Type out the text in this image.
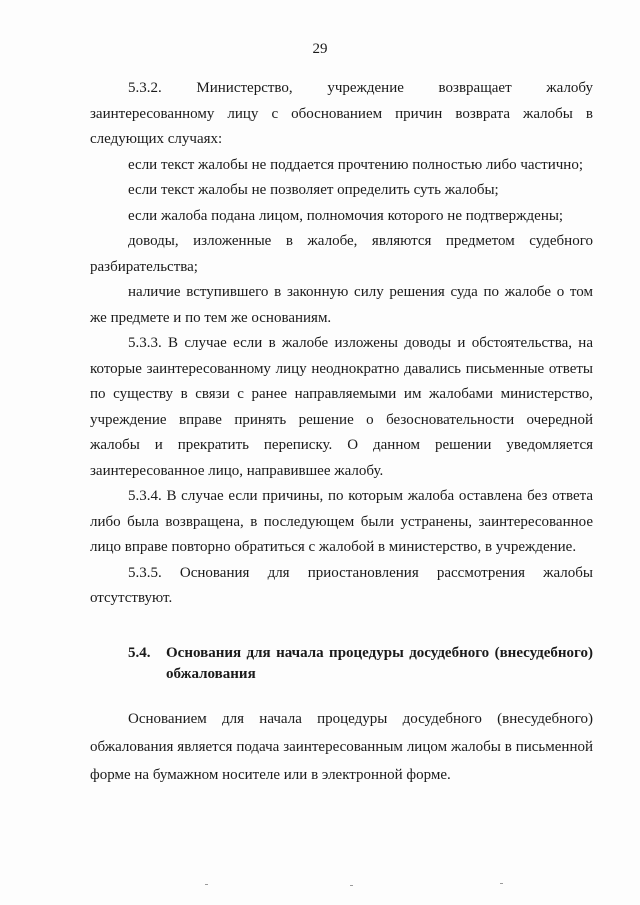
29

5.3.2. Министерство, учреждение возвращает жалобу заинтересованному лицу с обоснованием причин возврата жалобы в следующих случаях:

если текст жалобы не поддается прочтению полностью либо частично;

если текст жалобы не позволяет определить суть жалобы;

если жалоба подана лицом, полномочия которого не подтверждены;

доводы, изложенные в жалобе, являются предметом судебного разбирательства;

наличие вступившего в законную силу решения суда по жалобе о том же предмете и по тем же основаниям.

5.3.3. В случае если в жалобе изложены доводы и обстоятельства, на которые заинтересованному лицу неоднократно давались письменные ответы по существу в связи с ранее направляемыми им жалобами министерство, учреждение вправе принять решение о безосновательности очередной жалобы и прекратить переписку. О данном решении уведомляется заинтересованное лицо, направившее жалобу.

5.3.4. В случае если причины, по которым жалоба оставлена без ответа либо была возвращена, в последующем были устранены, заинтересованное лицо вправе повторно обратиться с жалобой в министерство, в учреждение.

5.3.5. Основания для приостановления рассмотрения жалобы отсутствуют.

5.4.	Основания для начала процедуры досудебного (внесудебного) обжалования

Основанием для начала процедуры досудебного (внесудебного) обжалования является подача заинтересованным лицом жалобы в письменной форме на бумажном носителе или в электронной форме.
